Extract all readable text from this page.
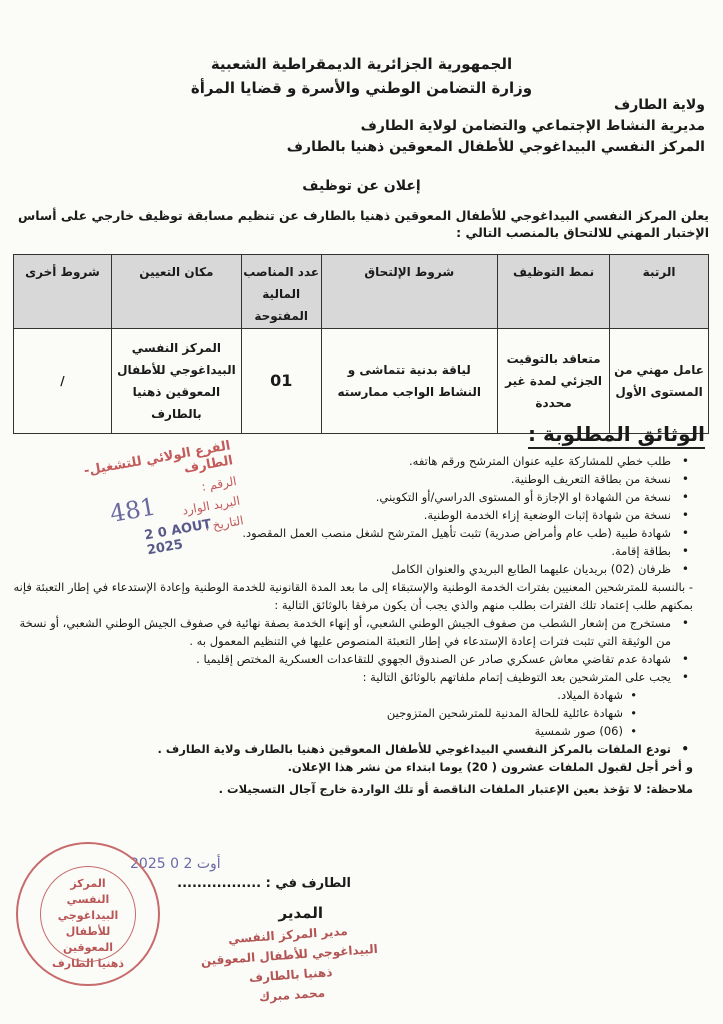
الجمهورية الجزائرية الديمقراطية الشعبية
وزارة التضامن الوطني والأسرة و قضايا المرأة
ولاية الطارف
مديرية النشاط الإجتماعي والتضامن لولاية الطارف
المركز النفسي البيداغوجي للأطفال المعوقين ذهنيا بالطارف
إعلان عن توظيف
يعلن المركز النفسي البيداغوجي للأطفال المعوقين ذهنيا بالطارف عن تنظيم مسابقة توظيف خارجي على أساس الإختبار المهني للالتحاق بالمنصب التالي :
الرتبة	نمط التوظيف	شروط الإلتحاق	عدد المناصب المالية المفتوحة	مكان التعيين	شروط أخرى
عامل مهني من المستوى الأول	متعاقد بالتوقيت الجزئي لمدة غير محددة	لياقة بدنية تتماشى و النشاط الواجب ممارسته	01	المركز النفسي البيداغوجي للأطفال المعوقين ذهنيا بالطارف	/
الوثائق المطلوبة :
• طلب خطي للمشاركة عليه عنوان المترشح ورقم هاتفه.
• نسخة من بطاقة التعريف الوطنية.
• نسخة من الشهادة او الإجازة أو المستوى الدراسي/أو التكويني.
• نسخة من شهادة إثبات الوضعية إزاء الخدمة الوطنية.
• شهادة طبية (طب عام وأمراض صدرية) تثبت تأهيل المترشح لشغل منصب العمل المقصود.
• بطاقة إقامة.
• ظرفان (02) بريديان عليهما الطابع البريدي والعنوان الكامل

- بالنسبة للمترشحين المعنيين بفترات الخدمة الوطنية والإستبقاء إلى ما بعد المدة القانونية للخدمة الوطنية وإعادة الإستدعاء في إطار التعبئة فإنه بمكنهم طلب إعتماد تلك الفترات بطلب منهم والذي يجب أن يكون مرفقا بالوثائق التالية :

• مستخرج من إشعار الشطب من صفوف الجيش الوطني الشعبي، أو إنهاء الخدمة بصفة نهائية في صفوف الجيش الوطني الشعبي، أو نسخة من الوثيقة التي تثبت فترات إعادة الإستدعاء في إطار التعبئة المنصوص عليها في التنظيم المعمول به .
• شهادة عدم تقاضي معاش عسكري صادر عن الصندوق الجهوي للتقاعدات العسكرية المختص إقليميا .
• يجب على المترشحين بعد التوظيف إتمام ملفاتهم بالوثائق التالية :
• شهادة الميلاد.
• شهادة عائلية للحالة المدنية للمترشحين المتزوجين
• (06) صور شمسية
• تودع الملفات بالمركز النفسي البيداغوجي للأطفال المعوقين ذهنيا بالطارف ولاية الطارف .

و أخر أجل لقبول الملفات عشرون ( 20) يوما ابتداء من نشر هذا الإعلان.

ملاحظة: لا تؤخذ بعين الإعتبار الملفات الناقصة أو تلك الواردة خارج آجال التسجيلات .

الفرع الولائي للتشغيل- الطارف
الرقم :
البريد الوارد
التاريخ :
481
2 0 AOUT 2025
2025 أوت 2 0
الطارف في : .................
المدير
مدير المركز النفسي البيداغوجي للأطفال المعوقين ذهنيا بالطارف
محمد مبرك
المركز النفسي البيداغوجي للأطفال المعوقين ذهنيا الطارف
